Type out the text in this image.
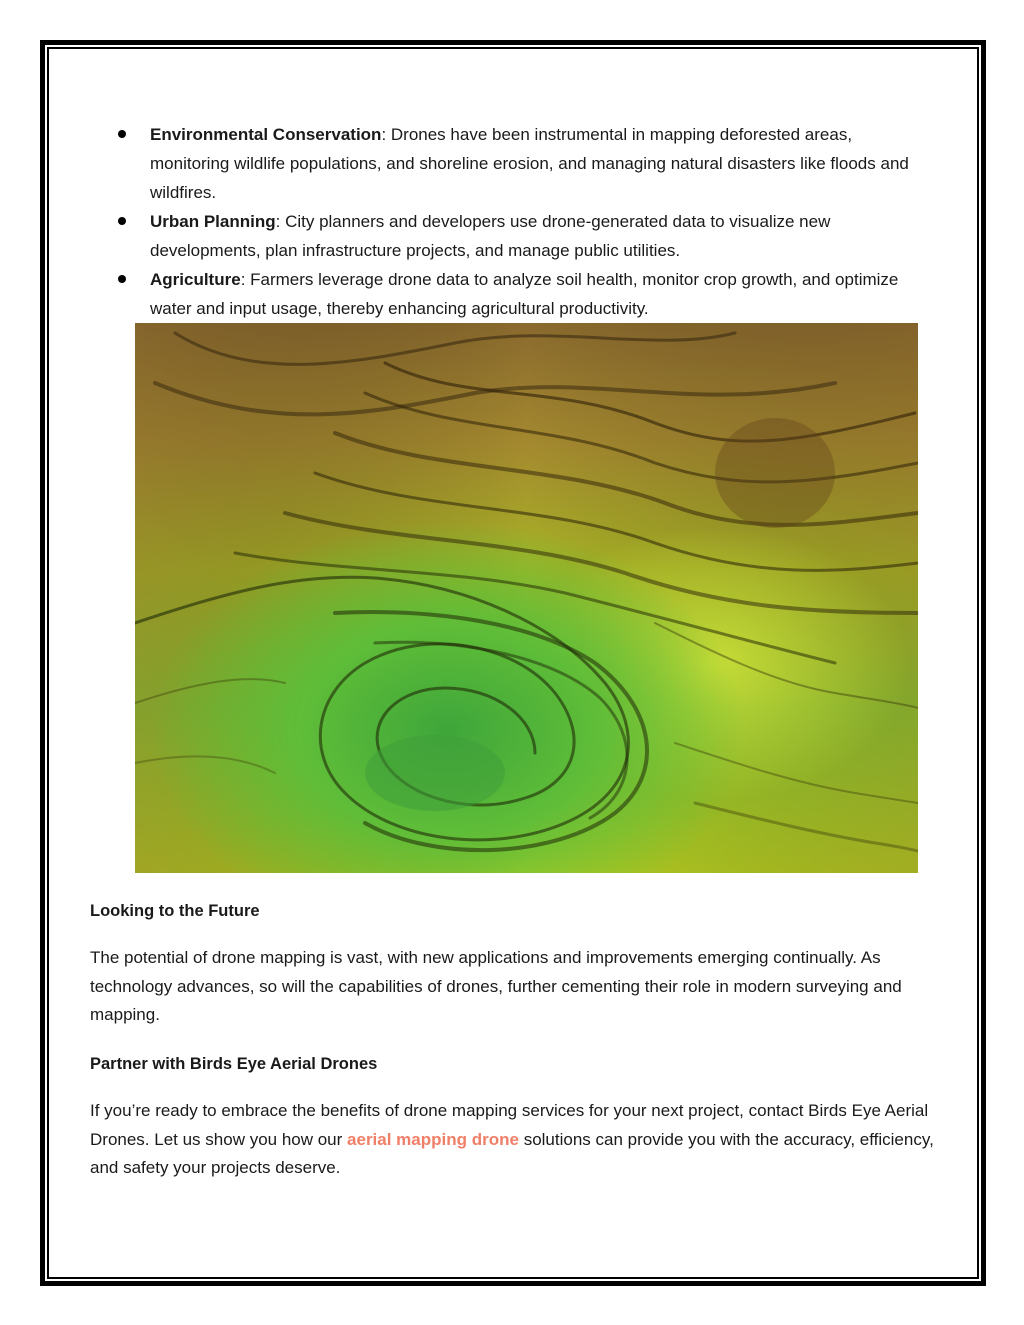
Environmental Conservation: Drones have been instrumental in mapping deforested areas, monitoring wildlife populations, and shoreline erosion, and managing natural disasters like floods and wildfires.
Urban Planning: City planners and developers use drone-generated data to visualize new developments, plan infrastructure projects, and manage public utilities.
Agriculture: Farmers leverage drone data to analyze soil health, monitor crop growth, and optimize water and input usage, thereby enhancing agricultural productivity.
Looking to the Future

The potential of drone mapping is vast, with new applications and improvements emerging continually. As technology advances, so will the capabilities of drones, further cementing their role in modern surveying and mapping.

Partner with Birds Eye Aerial Drones

If you’re ready to embrace the benefits of drone mapping services for your next project, contact Birds Eye Aerial Drones. Let us show you how our aerial mapping drone solutions can provide you with the accuracy, efficiency, and safety your projects deserve.
